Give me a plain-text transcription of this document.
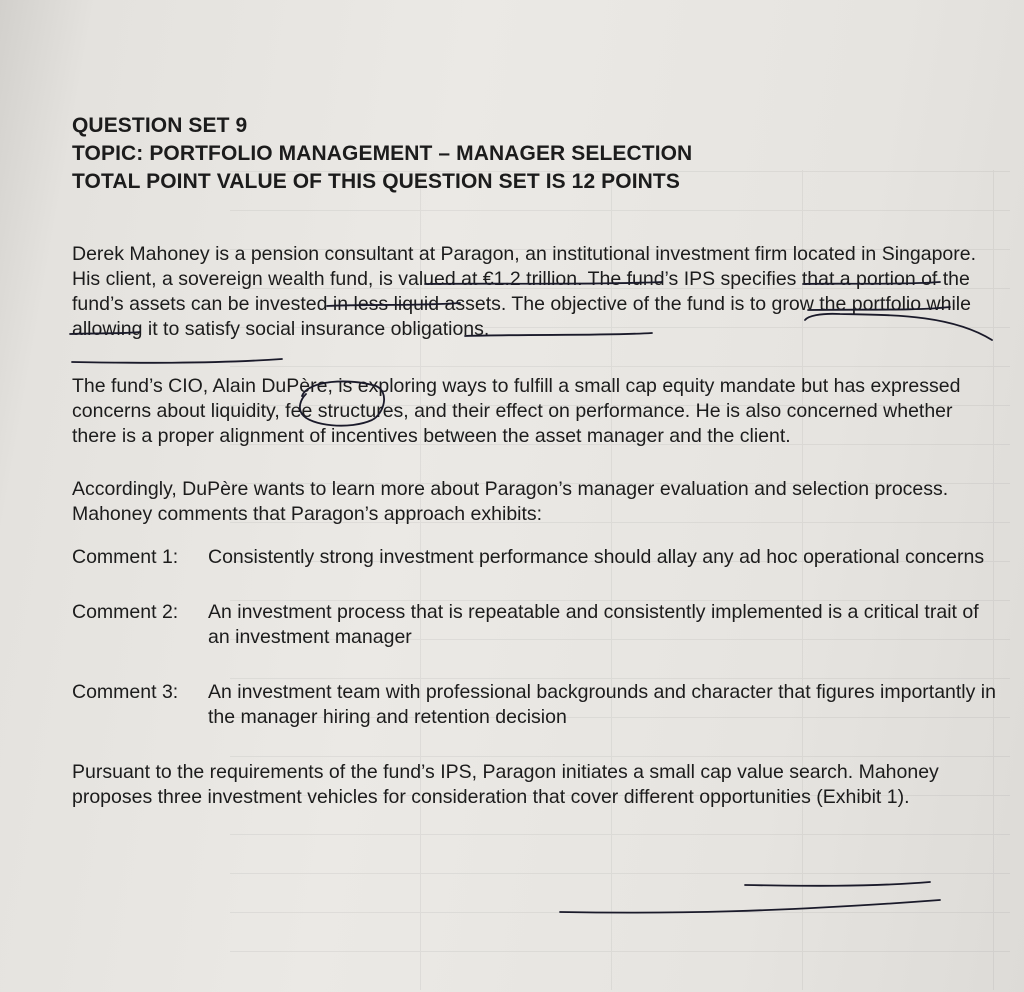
QUESTION SET 9

TOPIC: PORTFOLIO MANAGEMENT – MANAGER SELECTION

TOTAL POINT VALUE OF THIS QUESTION SET IS 12 POINTS

Derek Mahoney is a pension consultant at Paragon, an institutional investment firm located in Singapore. His client, a sovereign wealth fund, is valued at €1.2 trillion. The fund’s IPS specifies that a portion of the fund’s assets can be invested in less liquid assets. The objective of the fund is to grow the portfolio while allowing it to satisfy social insurance obligations.

The fund’s CIO, Alain DuPère, is exploring ways to fulfill a small cap equity mandate but has expressed concerns about liquidity, fee structures, and their effect on performance. He is also concerned whether there is a proper alignment of incentives between the asset manager and the client.

Accordingly, DuPère wants to learn more about Paragon’s manager evaluation and selection process. Mahoney comments that Paragon’s approach exhibits:

Comment 1:	Consistently strong investment performance should allay any ad hoc operational concerns
Comment 2:	An investment process that is repeatable and consistently implemented is a critical trait of an investment manager
Comment 3:	An investment team with professional backgrounds and character that figures importantly in the manager hiring and retention decision

Pursuant to the requirements of the fund’s IPS, Paragon initiates a small cap value search. Mahoney proposes three investment vehicles for consideration that cover different opportunities (Exhibit 1).
